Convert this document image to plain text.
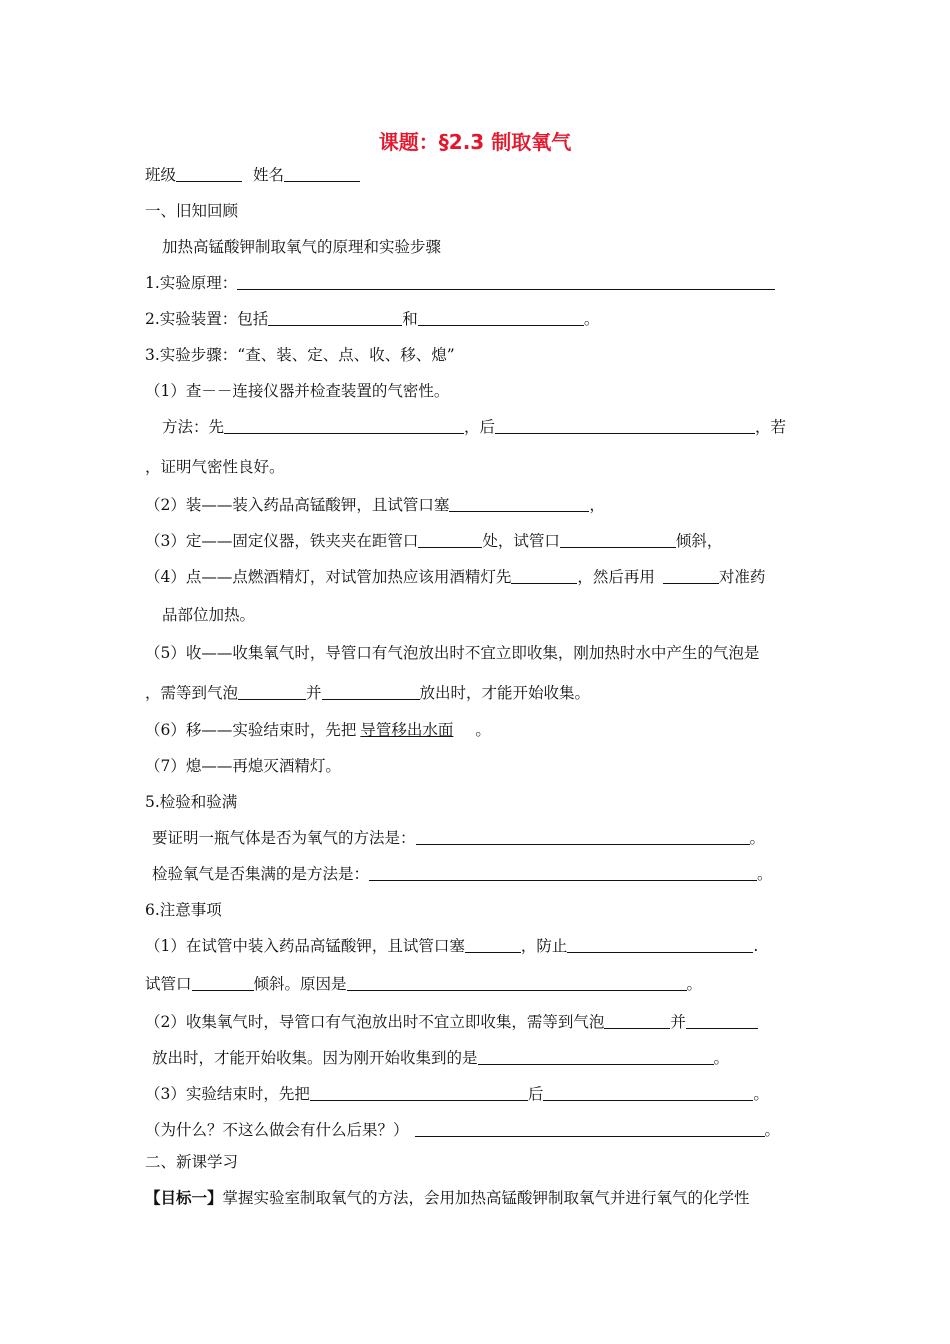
课题：§2.3 制取氧气
班级	姓名
一、旧知回顾
加热高锰酸钾制取氧气的原理和实验步骤
1.实验原理：
2.实验装置：包括	和	。
3.实验步骤：“查、装、定、点、收、移、熄”
（1）查－－连接仪器并检查装置的气密性。
方法：先	，后	，若
，证明气密性良好。
（2）装——装入药品高锰酸钾，且试管口塞	，
（3）定——固定仪器，铁夹夹在距管口	处，试管口	倾斜，
（4）点——点燃酒精灯，对试管加热应该用酒精灯先	，然后再用	对准药
品部位加热。
（5）收——收集氧气时，导管口有气泡放出时不宜立即收集，刚加热时水中产生的气泡是
，需等到气泡	并	放出时，才能开始收集。
（6）移——实验结束时，先把 导管移出水面 。
（7）熄——再熄灭酒精灯。
5.检验和验满
要证明一瓶气体是否为氧气的方法是：	。
检验氧气是否集满的是方法是：	。
6.注意事项
（1）在试管中装入药品高锰酸钾，且试管口塞	，防止	.
试管口	倾斜。原因是	。
（2）收集氧气时，导管口有气泡放出时不宜立即收集，需等到气泡	并
放出时，才能开始收集。因为刚开始收集到的是	。
（3）实验结束时，先把	后	。
（为什么？不这么做会有什么后果？）	。
二、新课学习
【目标一】掌握实验室制取氧气的方法，会用加热高锰酸钾制取氧气并进行氧气的化学性
